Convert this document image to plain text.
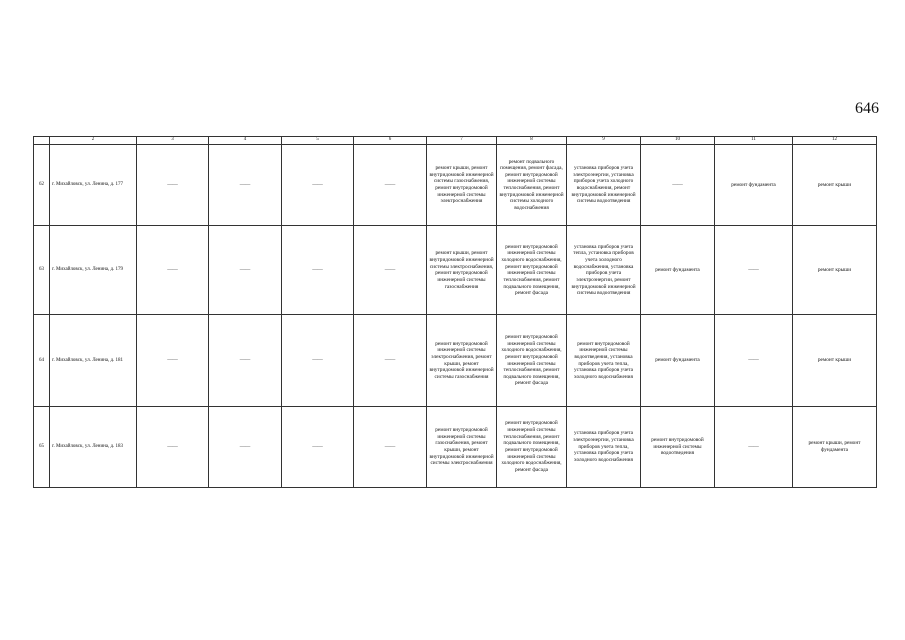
646
	2	3	4	5	6	7	8	9	10	11	12
62	г. Михайловск, ул. Ленина, д. 177	——	——	——	——	ремонт крыши, ремонт внутридомовой инженерной системы газоснабжения, ремонт внутридомовой инженерной системы электроснабжения	ремонт подвального помещения, ремонт фасада, ремонт внутридомовой инженерной системы теплоснабжения, ремонт внутридомовой инженерной системы холодного водоснабжения	установка приборов учета электроэнергии, установка приборов учета холодного водоснабжения, ремонт внутридомовой инженерной системы водоотведения	——	ремонт фундамента	ремонт крыши
63	г. Михайловск, ул. Ленина, д. 179	——	——	——	——	ремонт крыши, ремонт внутридомовой инженерной системы электроснабжения, ремонт внутридомовой инженерной системы газоснабжения	ремонт внутридомовой инженерной системы холодного водоснабжения, ремонт внутридомовой инженерной системы теплоснабжения, ремонт подвального помещения, ремонт фасада	установка приборов учета тепла, установка приборов учета холодного водоснабжения, установка приборов учета электроэнергии, ремонт внутридомовой инженерной системы водоотведения	ремонт фундамента	——	ремонт крыши
64	г. Михайловск, ул. Ленина, д. 181	——	——	——	——	ремонт внутридомовой инженерной системы электроснабжения, ремонт крыши, ремонт внутридомовой инженерной системы газоснабжения	ремонт внутридомовой инженерной системы холодного водоснабжения, ремонт внутридомовой инженерной системы теплоснабжения, ремонт подвального помещения, ремонт фасада	ремонт внутридомовой инженерной системы водоотведения, установка приборов учета тепла, установка приборов учета холодного водоснабжения	ремонт фундамента	——	ремонт крыши
65	г. Михайловск, ул. Ленина, д. 183	——	——	——	——	ремонт внутридомовой инженерной системы газоснабжения, ремонт крыши, ремонт внутридомовой инженерной системы электроснабжения	ремонт внутридомовой инженерной системы теплоснабжения, ремонт подвального помещения, ремонт внутридомовой инженерной системы холодного водоснабжения, ремонт фасада	установка приборов учета электроэнергии, установка приборов учета тепла, установка приборов учета холодного водоснабжения	ремонт внутридомовой инженерной системы водоотведения	——	ремонт крыши, ремонт фундамента
